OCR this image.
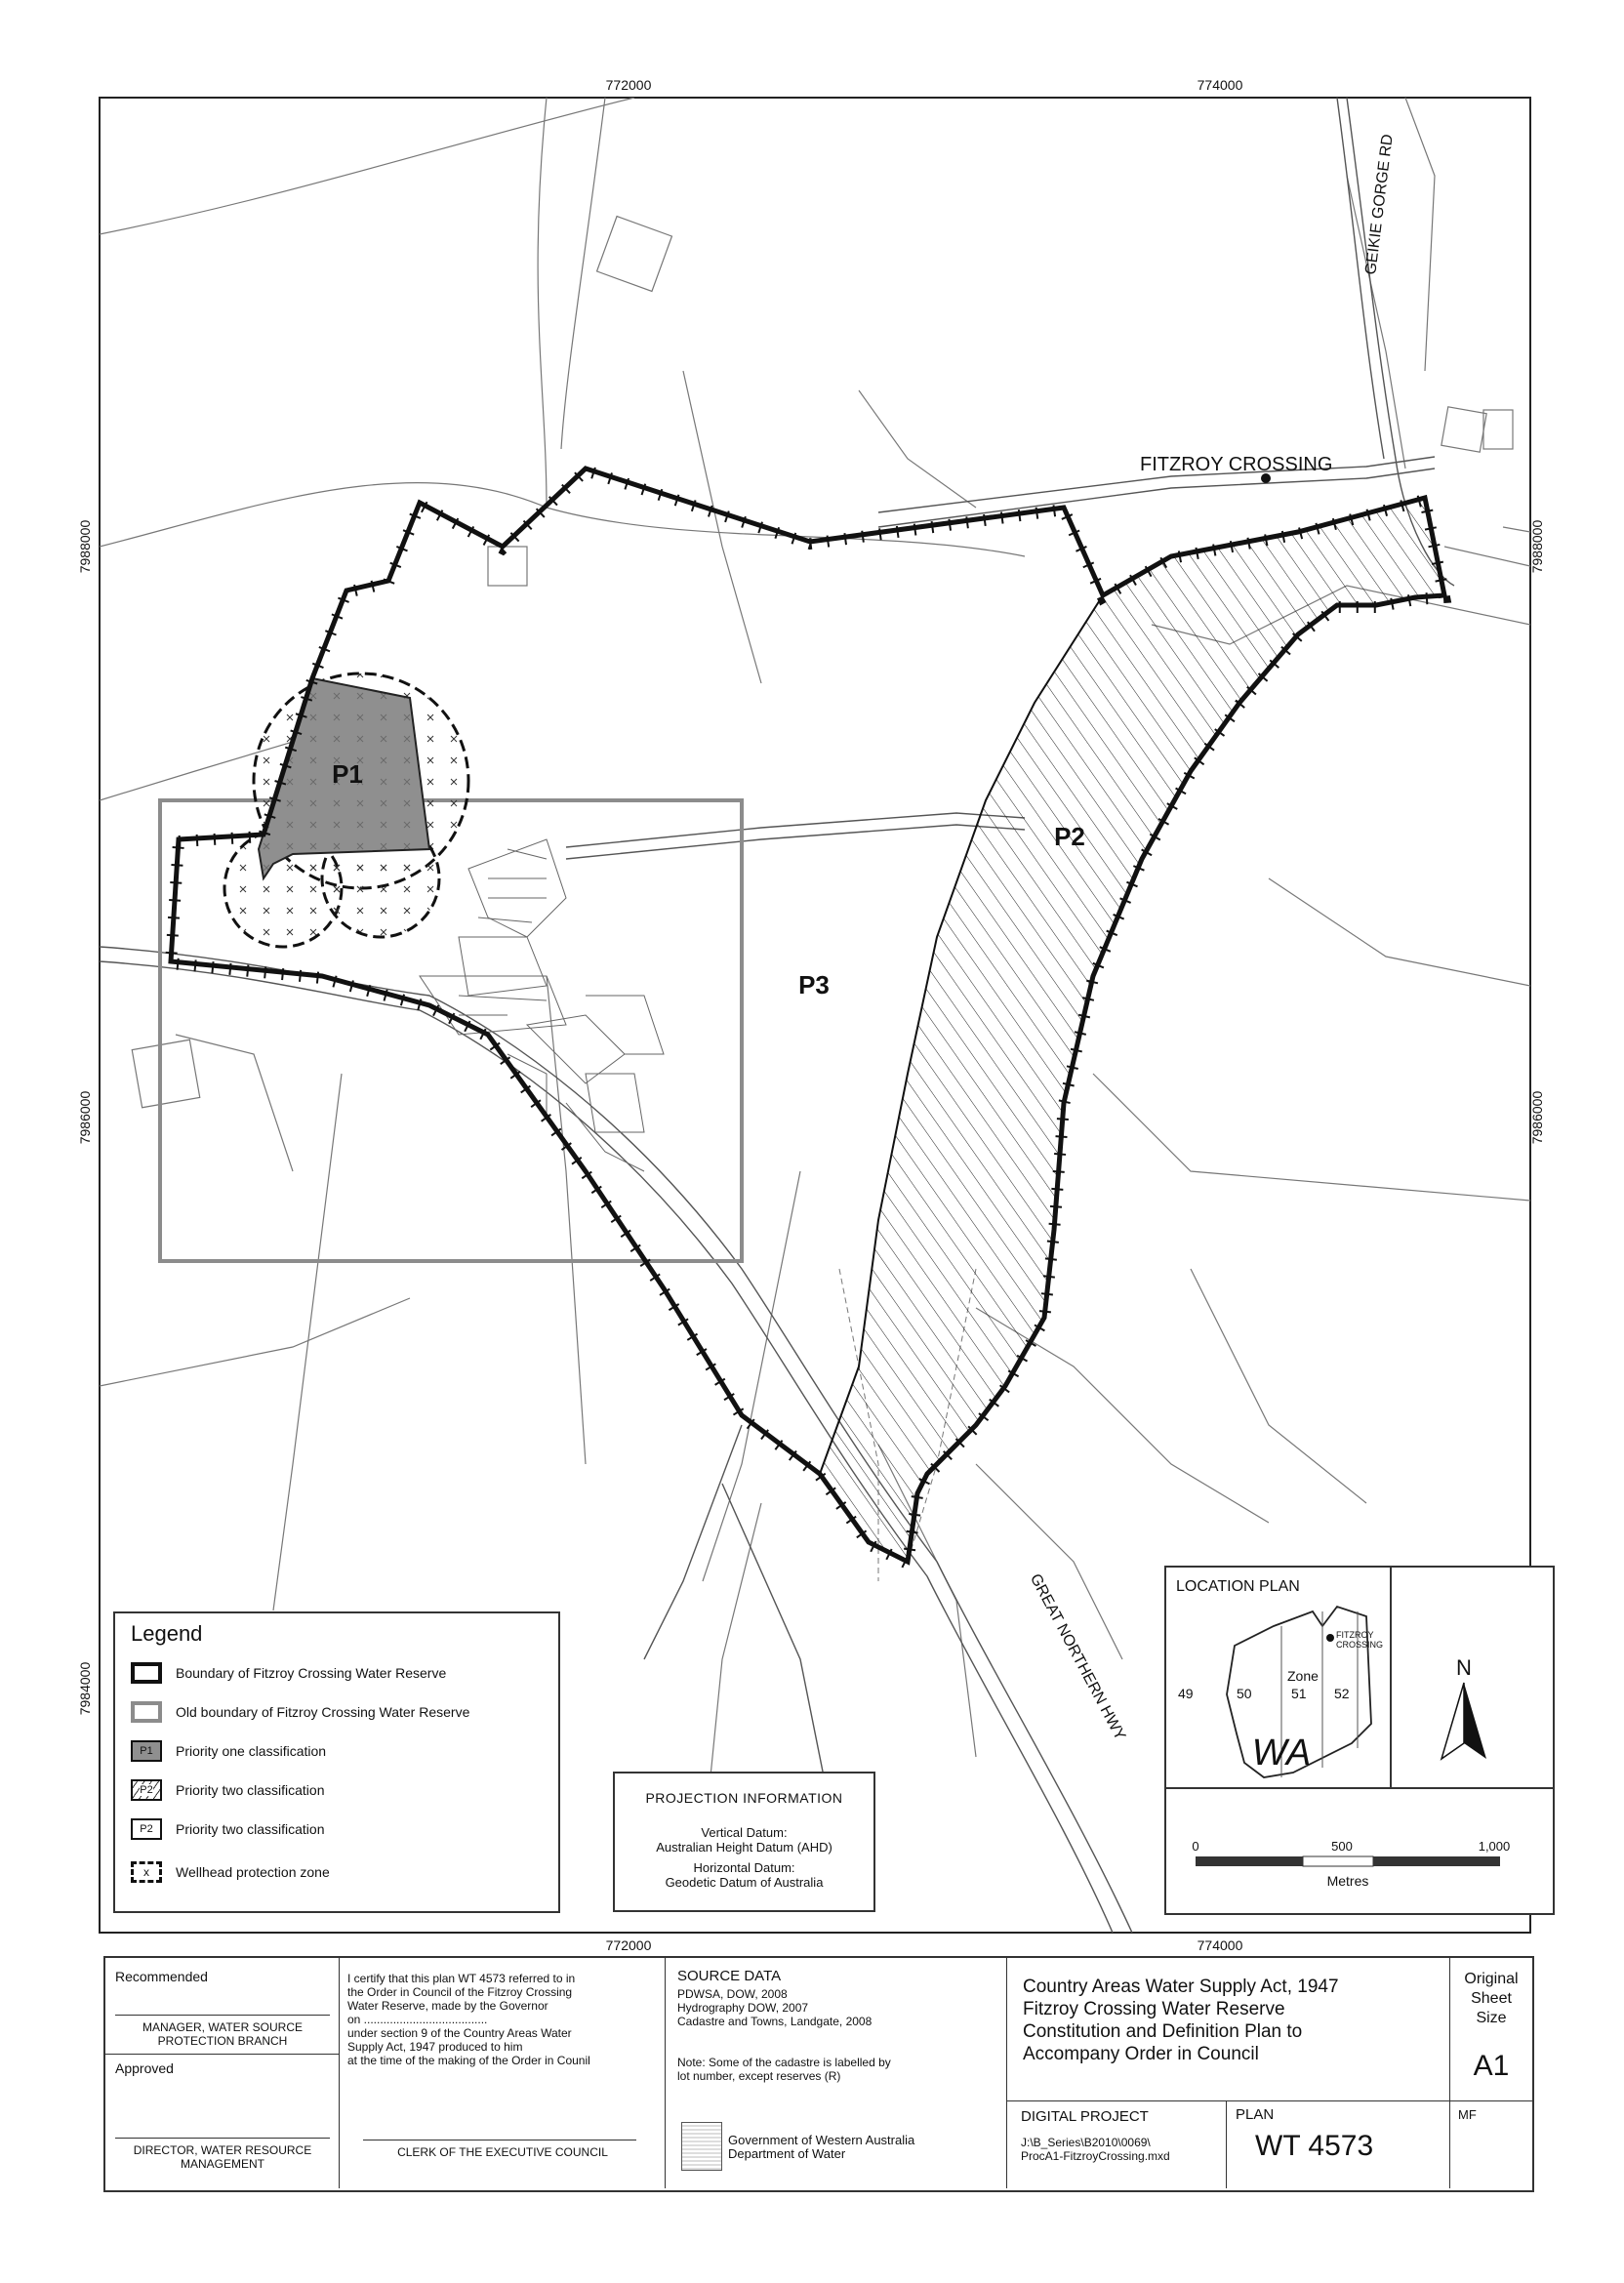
772000	774000
772000	774000
7988000
7986000
7984000
7988000
7986000
FITZROY CROSSING
GEIKIE GORGE RD
GREAT NORTHERN HWY
P1
P2
P3
Legend
Boundary of Fitzroy Crossing Water Reserve
Old boundary of Fitzroy Crossing Water Reserve
P1	Priority one classification
P2	Priority two classification
P2	Priority two classification
x	Wellhead protection zone
PROJECTION INFORMATION
Vertical Datum:
Australian Height Datum (AHD)
Horizontal Datum:
Geodetic Datum of Australia
LOCATION PLAN
FITZROY
CROSSING
Zone
49	50	51 52
WA
N
0	500	1,000
Metres
Recommended
MANAGER, WATER SOURCE
PROTECTION BRANCH
Approved
DIRECTOR, WATER RESOURCE
MANAGEMENT
I certify that this plan WT 4573 referred to in
the Order in Council of the Fitzroy Crossing
Water Reserve, made by the Governor
on ......................................
under section 9 of the Country Areas Water
Supply Act, 1947 produced to him
at the time of the making of the Order in Counil
CLERK OF THE EXECUTIVE COUNCIL
SOURCE DATA
PDWSA, DOW, 2008
Hydrography DOW, 2007
Cadastre and Towns, Landgate, 2008
Note: Some of the cadastre is labelled by
lot number, except reserves (R)
Government of Western Australia
Department of Water
Country Areas Water Supply Act, 1947
Fitzroy Crossing Water Reserve
Constitution and Definition Plan to
Accompany Order in Council
DIGITAL PROJECT
J:\B_Series\B2010\0069\
ProcA1-FitzroyCrossing.mxd
PLAN
WT 4573
Original
Sheet
Size
A1
MF
